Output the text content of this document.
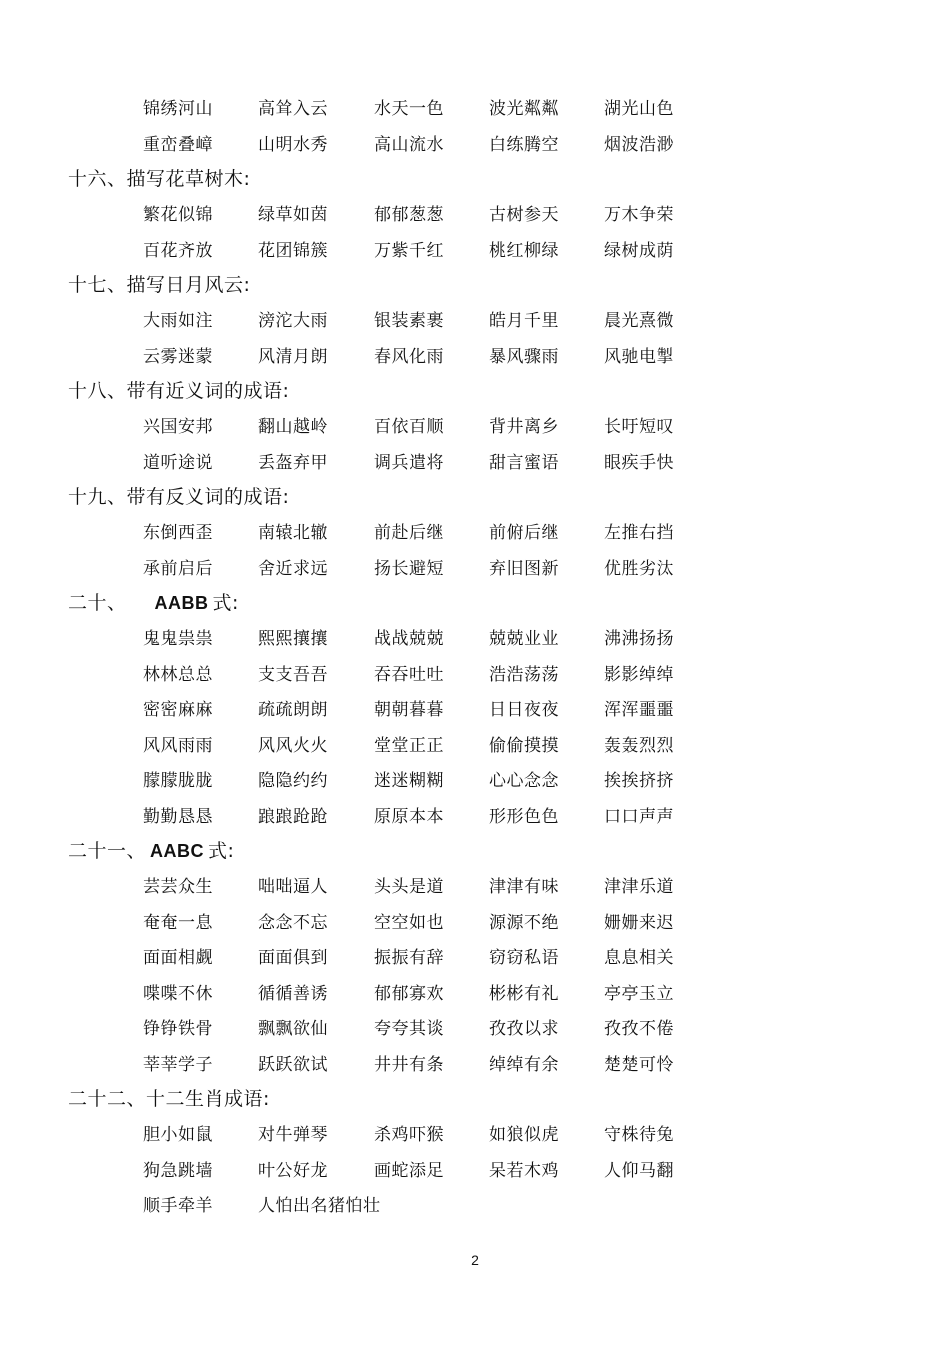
锦绣河山	高耸入云	水天一色	波光粼粼	湖光山色
重峦叠嶂	山明水秀	高山流水	白练腾空	烟波浩渺
十六、描写花草树木:
繁花似锦	绿草如茵	郁郁葱葱	古树参天	万木争荣
百花齐放	花团锦簇	万紫千红	桃红柳绿	绿树成荫
十七、描写日月风云:
大雨如注	滂沱大雨	银装素裹	皓月千里	晨光熹微
云雾迷蒙	风清月朗	春风化雨	暴风骤雨	风驰电掣
十八、带有近义词的成语:
兴国安邦	翻山越岭	百依百顺	背井离乡	长吁短叹
道听途说	丢盔弃甲	调兵遣将	甜言蜜语	眼疾手快
十九、带有反义词的成语:
东倒西歪	南辕北辙	前赴后继	前俯后继	左推右挡
承前启后	舍近求远	扬长避短	弃旧图新	优胜劣汰
二十、 AABB 式:
鬼鬼祟祟	熙熙攘攘	战战兢兢	兢兢业业	沸沸扬扬
林林总总	支支吾吾	吞吞吐吐	浩浩荡荡	影影绰绰
密密麻麻	疏疏朗朗	朝朝暮暮	日日夜夜	浑浑噩噩
风风雨雨	风风火火	堂堂正正	偷偷摸摸	轰轰烈烈
朦朦胧胧	隐隐约约	迷迷糊糊	心心念念	挨挨挤挤
勤勤恳恳	踉踉跄跄	原原本本	形形色色	口口声声
二十一、 AABC 式:
芸芸众生	咄咄逼人	头头是道	津津有味	津津乐道
奄奄一息	念念不忘	空空如也	源源不绝	姗姗来迟
面面相觑	面面俱到	振振有辞	窃窃私语	息息相关
喋喋不休	循循善诱	郁郁寡欢	彬彬有礼	亭亭玉立
铮铮铁骨	飘飘欲仙	夸夸其谈	孜孜以求	孜孜不倦
莘莘学子	跃跃欲试	井井有条	绰绰有余	楚楚可怜
二十二、十二生肖成语:
胆小如鼠	对牛弹琴	杀鸡吓猴	如狼似虎	守株待兔
狗急跳墙	叶公好龙	画蛇添足	呆若木鸡	人仰马翻
顺手牵羊	人怕出名猪怕壮
2
